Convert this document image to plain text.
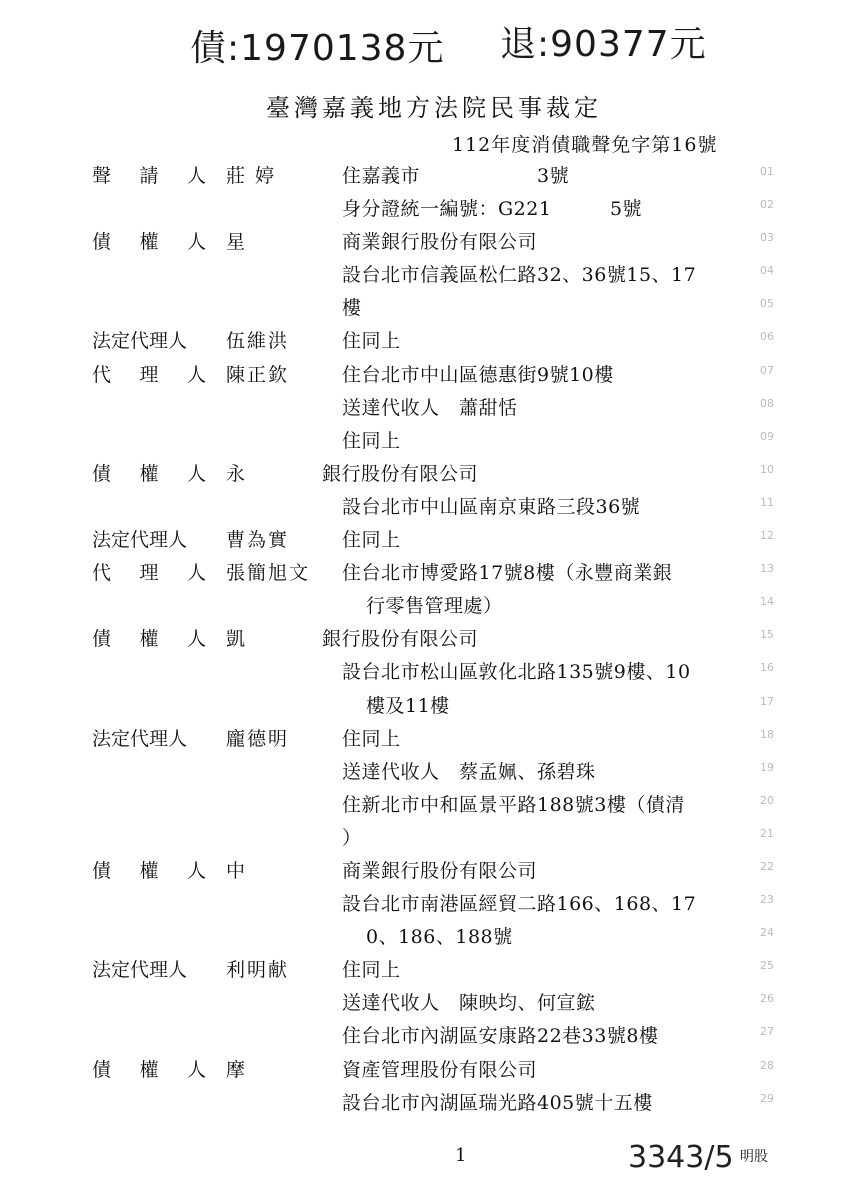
債:1970138元 退:90377元
臺灣嘉義地方法院民事裁定
112年度消債職聲免字第16號
聲 請 人 莊 婷	住嘉義市　　　　　　3號	01
身分證統一編號：G221　　　5號	02
債 權 人 星	商業銀行股份有限公司	03
設台北市信義區松仁路32、36號15、17	04
樓	05
法定代理人	伍維洪	住同上	06
代 理 人 陳正欽	住台北市中山區德惠街9號10樓	07
送達代收人　蕭甜恬	08
住同上	09
債 權 人 永	銀行股份有限公司	10
設台北市中山區南京東路三段36號	11
法定代理人	曹為實	住同上	12
代 理 人 張簡旭文 住台北市博愛路17號8樓（永豐商業銀	13
行零售管理處）	14
債 權 人 凱	銀行股份有限公司	15
設台北市松山區敦化北路135號9樓、10	16
樓及11樓	17
法定代理人	龐德明	住同上	18
送達代收人　蔡孟姵、孫碧珠	19
住新北市中和區景平路188號3樓（債清	20
）	21
債 權 人 中	商業銀行股份有限公司	22
設台北市南港區經貿二路166、168、17	23
0、186、188號	24
法定代理人	利明献	住同上	25
送達代收人　陳映均、何宣鋐	26
住台北市內湖區安康路22巷33號8樓	27
債 權 人 摩	資產管理股份有限公司	28
設台北市內湖區瑞光路405號十五樓	29
1	3343/5 明股
